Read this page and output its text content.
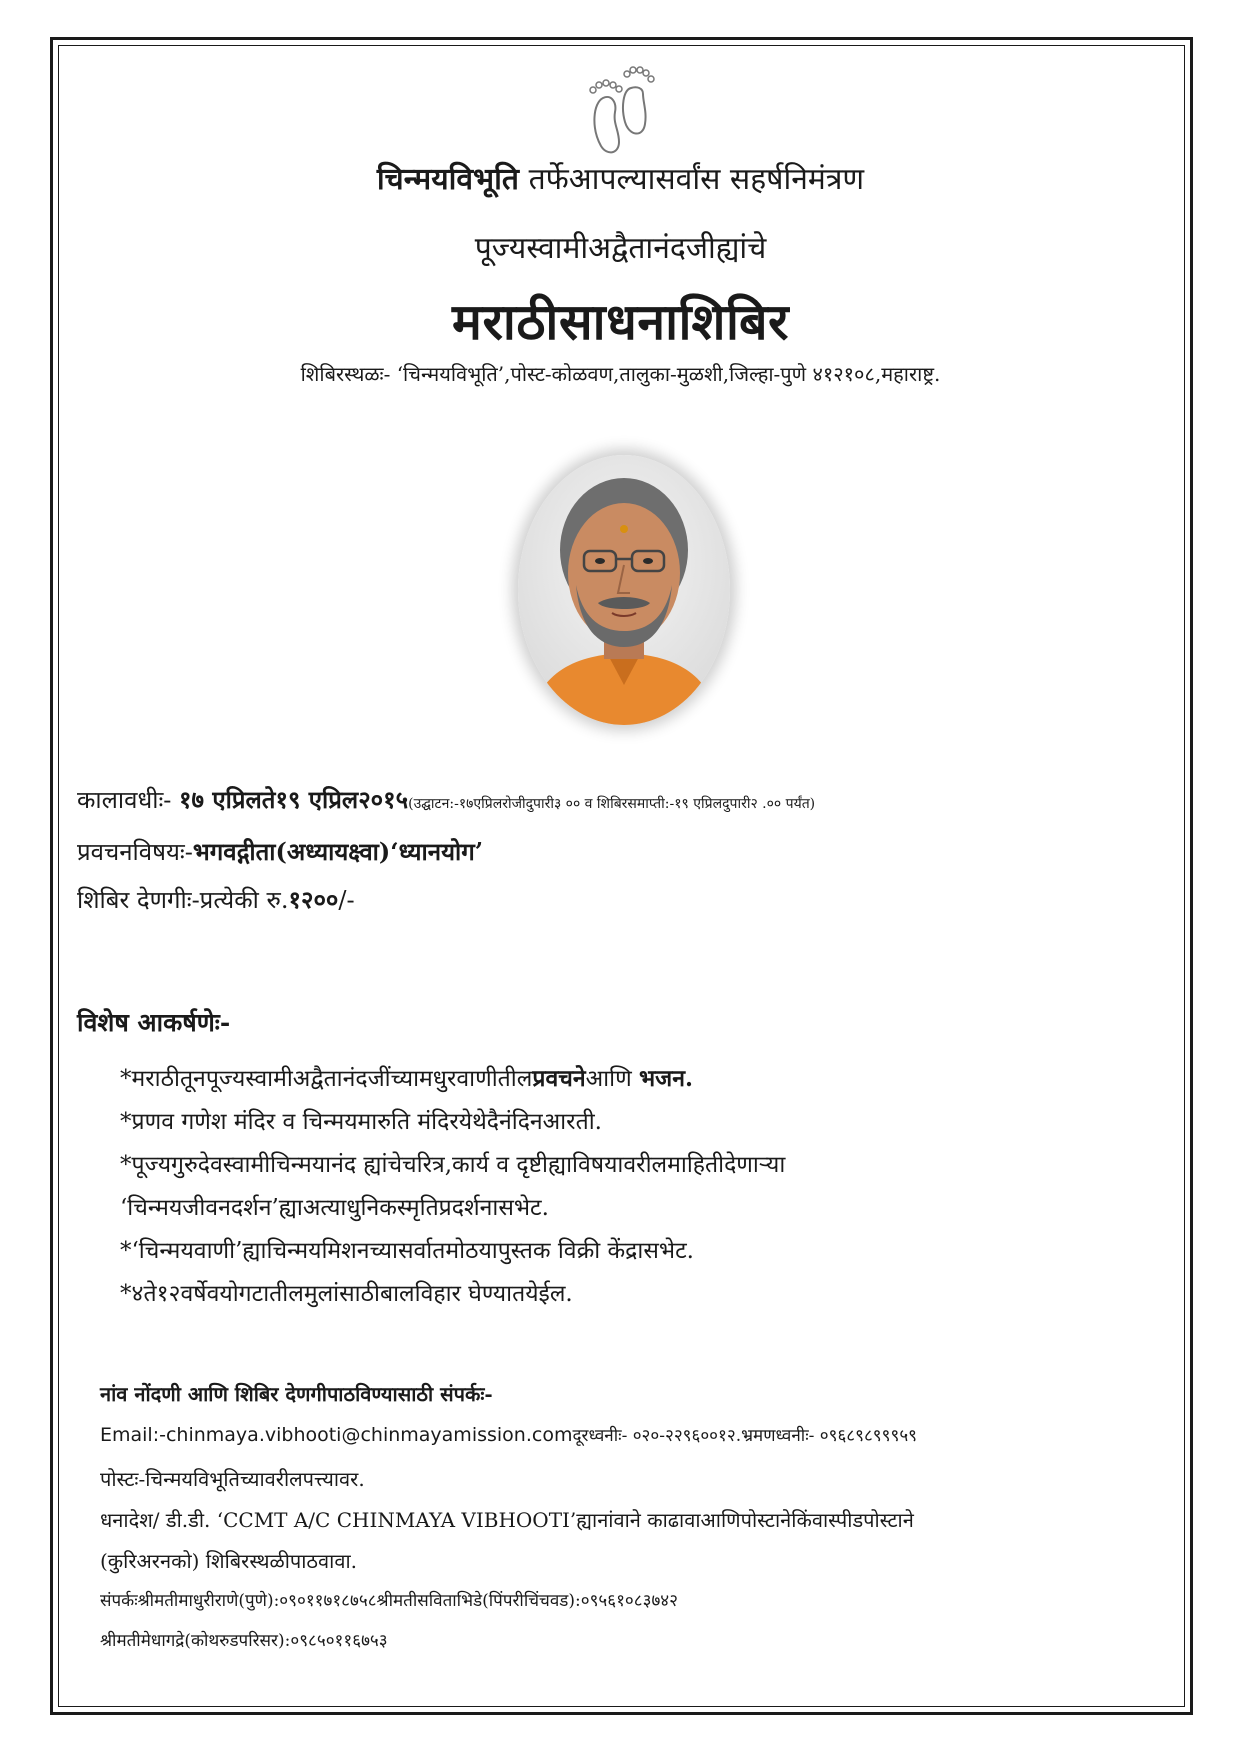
चिन्मयविभूति तर्फेआपल्यासर्वांस सहर्षनिमंत्रण
पूज्यस्वामीअद्वैतानंदजीह्यांचे
मराठीसाधनाशिबिर
शिबिरस्थळः- ‘चिन्मयविभूति’,पोस्ट-कोळवण,तालुका-मुळशी,जिल्हा-पुणे ४१२१०८,महाराष्ट्र.
कालावधीः- १७ एप्रिलते१९ एप्रिल२०१५(उद्घाटन:-१७एप्रिलरोजीदुपारी३ ०० व शिबिरसमाप्ती:-१९ एप्रिलदुपारी२ .०० पर्यंत)
प्रवचनविषयः-भगवद्गीता(अध्यायक्ष्वा)‘ध्यानयोग’
शिबिर देणगीः-प्रत्येकी रु.१२००/-
विशेष आकर्षणेः-
*मराठीतूनपूज्यस्वामीअद्वैतानंदजींच्यामधुरवाणीतीलप्रवचनेआणि भजन.
*प्रणव गणेश मंदिर व चिन्मयमारुति मंदिरयेथेदैनंदिनआरती.
*पूज्यगुरुदेवस्वामीचिन्मयानंद ह्यांचेचरित्र,कार्य व दृष्टीह्याविषयावरीलमाहितीदेणाऱ्या
‘चिन्मयजीवनदर्शन’ह्याअत्याधुनिकस्मृतिप्रदर्शनासभेट.
*‘चिन्मयवाणी’ह्याचिन्मयमिशनच्यासर्वातमोठयापुस्तक विक्री केंद्रासभेट.
*४ते१२वर्षेवयोगटातीलमुलांसाठीबालविहार घेण्यातयेईल.
नांव नोंदणी आणि शिबिर देणगीपाठविण्यासाठी संपर्कः-
Email:-chinmaya.vibhooti@chinmayamission.comदूरध्वनीः- ०२०-२२९६००१२.भ्रमणध्वनीः- ०९६८९८९९९५९
पोस्टः-चिन्मयविभूतिच्यावरीलपत्त्यावर.
धनादेश/ डी.डी. ‘CCMT A/C CHINMAYA VIBHOOTI’ह्यानांवाने काढावाआणिपोस्टानेकिंवास्पीडपोस्टाने
(कुरिअरनको) शिबिरस्थळीपाठवावा.
संपर्कःश्रीमतीमाधुरीराणे(पुणे):०९०११७१८७५८श्रीमतीसविताभिडे(पिंपरीचिंचवड):०९५६१०८३७४२
श्रीमतीमेधागद्रे(कोथरुडपरिसर):०९८५०११६७५३
